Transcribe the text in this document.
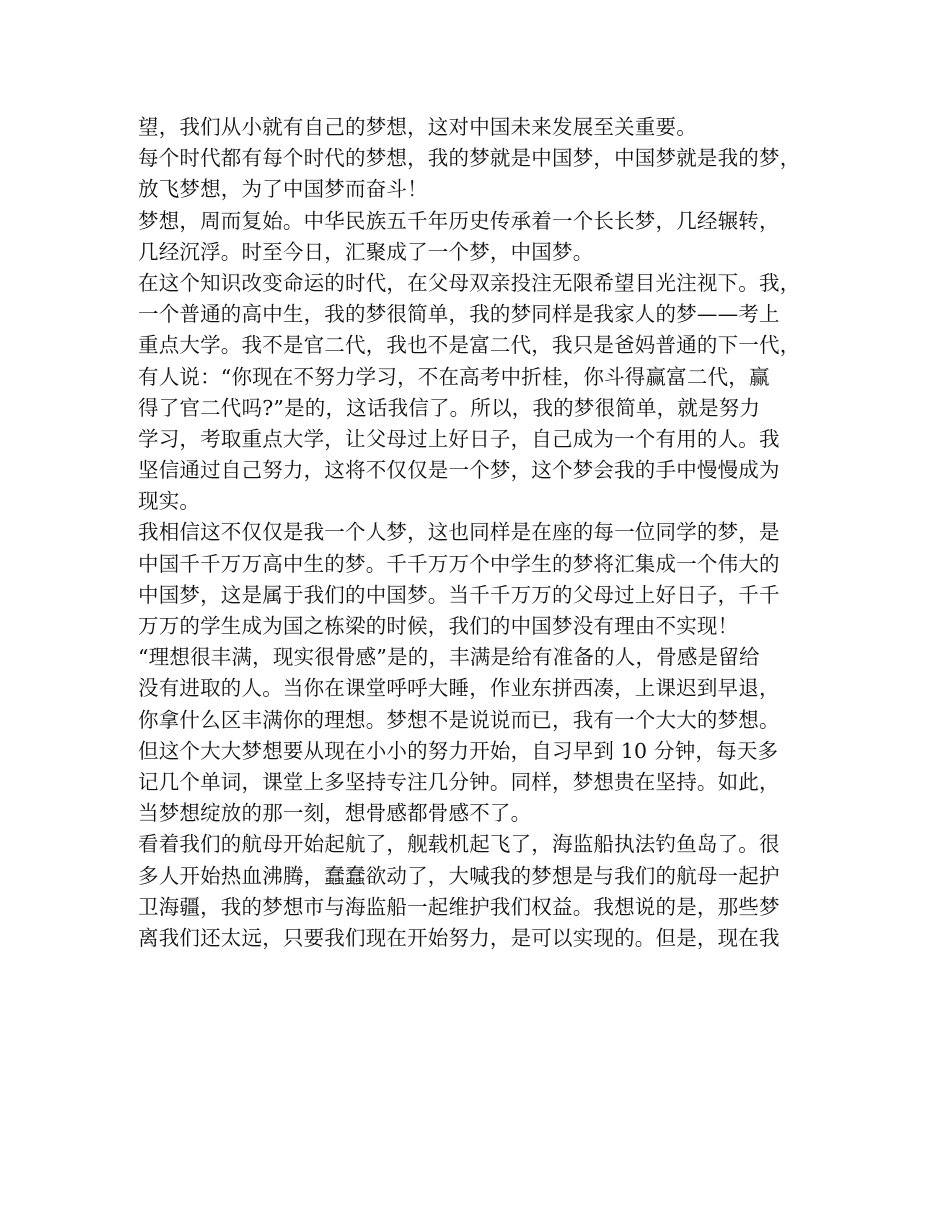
望，我们从小就有自己的梦想，这对中国未来发展至关重要。
每个时代都有每个时代的梦想，我的梦就是中国梦，中国梦就是我的梦，
放飞梦想，为了中国梦而奋斗！
梦想，周而复始。中华民族五千年历史传承着一个长长梦，几经辗转，
几经沉浮。时至今日，汇聚成了一个梦，中国梦。
在这个知识改变命运的时代，在父母双亲投注无限希望目光注视下。我，
一个普通的高中生，我的梦很简单，我的梦同样是我家人的梦——考上
重点大学。我不是官二代，我也不是富二代，我只是爸妈普通的下一代，
有人说：“你现在不努力学习，不在高考中折桂，你斗得赢富二代，赢
得了官二代吗?”是的，这话我信了。所以，我的梦很简单，就是努力
学习，考取重点大学，让父母过上好日子，自己成为一个有用的人。我
坚信通过自己努力，这将不仅仅是一个梦，这个梦会我的手中慢慢成为
现实。
我相信这不仅仅是我一个人梦，这也同样是在座的每一位同学的梦，是
中国千千万万高中生的梦。千千万万个中学生的梦将汇集成一个伟大的
中国梦，这是属于我们的中国梦。当千千万万的父母过上好日子，千千
万万的学生成为国之栋梁的时候，我们的中国梦没有理由不实现！
“理想很丰满，现实很骨感”是的，丰满是给有准备的人，骨感是留给
没有进取的人。当你在课堂呼呼大睡，作业东拼西凑，上课迟到早退，
你拿什么区丰满你的理想。梦想不是说说而已，我有一个大大的梦想。
但这个大大梦想要从现在小小的努力开始，自习早到 10 分钟，每天多
记几个单词，课堂上多坚持专注几分钟。同样，梦想贵在坚持。如此，
当梦想绽放的那一刻，想骨感都骨感不了。
看着我们的航母开始起航了，舰载机起飞了，海监船执法钓鱼岛了。很
多人开始热血沸腾，蠢蠢欲动了，大喊我的梦想是与我们的航母一起护
卫海疆，我的梦想市与海监船一起维护我们权益。我想说的是，那些梦
离我们还太远，只要我们现在开始努力，是可以实现的。但是，现在我
